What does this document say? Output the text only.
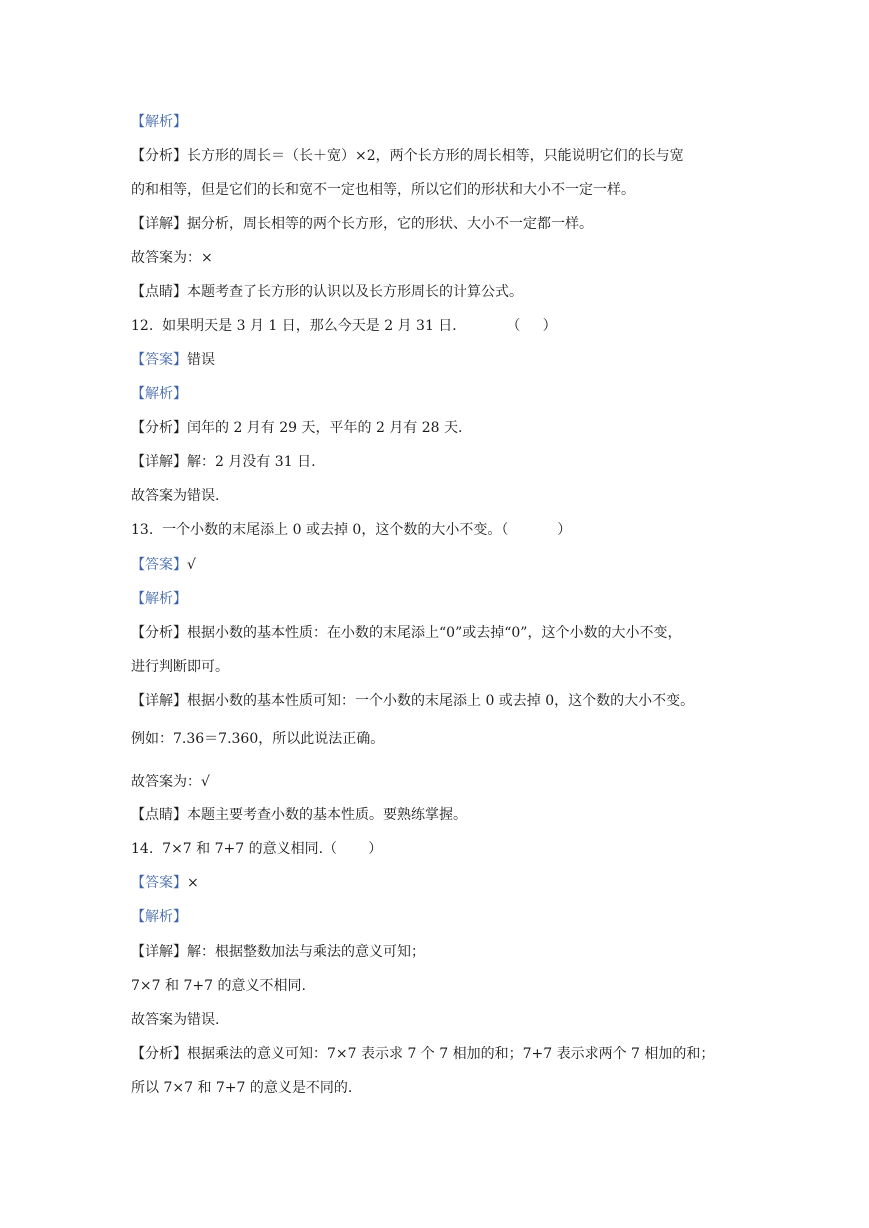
【解析】
【分析】长方形的周长＝（长＋宽）×2，两个长方形的周长相等，只能说明它们的长与宽
的和相等，但是它们的长和宽不一定也相等，所以它们的形状和大小不一定一样。
【详解】据分析，周长相等的两个长方形，它的形状、大小不一定都一样。
故答案为：×
【点睛】本题考查了长方形的认识以及长方形周长的计算公式。
12.  如果明天是 3 月 1 日，那么今天是 2 月 31 日．         （     ）
【答案】错误
【解析】
【分析】闰年的 2 月有 29 天，平年的 2 月有 28 天.
【详解】解：2 月没有 31 日.
故答案为错误.
13.  一个小数的末尾添上 0 或去掉 0，这个数的大小不变。（           ）
【答案】√
【解析】
【分析】根据小数的基本性质：在小数的末尾添上“0”或去掉“0”，这个小数的大小不变，
进行判断即可。
【详解】根据小数的基本性质可知：一个小数的末尾添上 0 或去掉 0，这个数的大小不变。
例如：7.36＝7.360，所以此说法正确。
故答案为：√
【点睛】本题主要考查小数的基本性质。要熟练掌握。
14.  7×7 和 7+7 的意义相同.（       ）
【答案】×
【解析】
【详解】解：根据整数加法与乘法的意义可知；
7×7 和 7+7 的意义不相同.
故答案为错误.
【分析】根据乘法的意义可知：7×7 表示求 7 个 7 相加的和；7+7 表示求两个 7 相加的和；
所以 7×7 和 7+7 的意义是不同的.
